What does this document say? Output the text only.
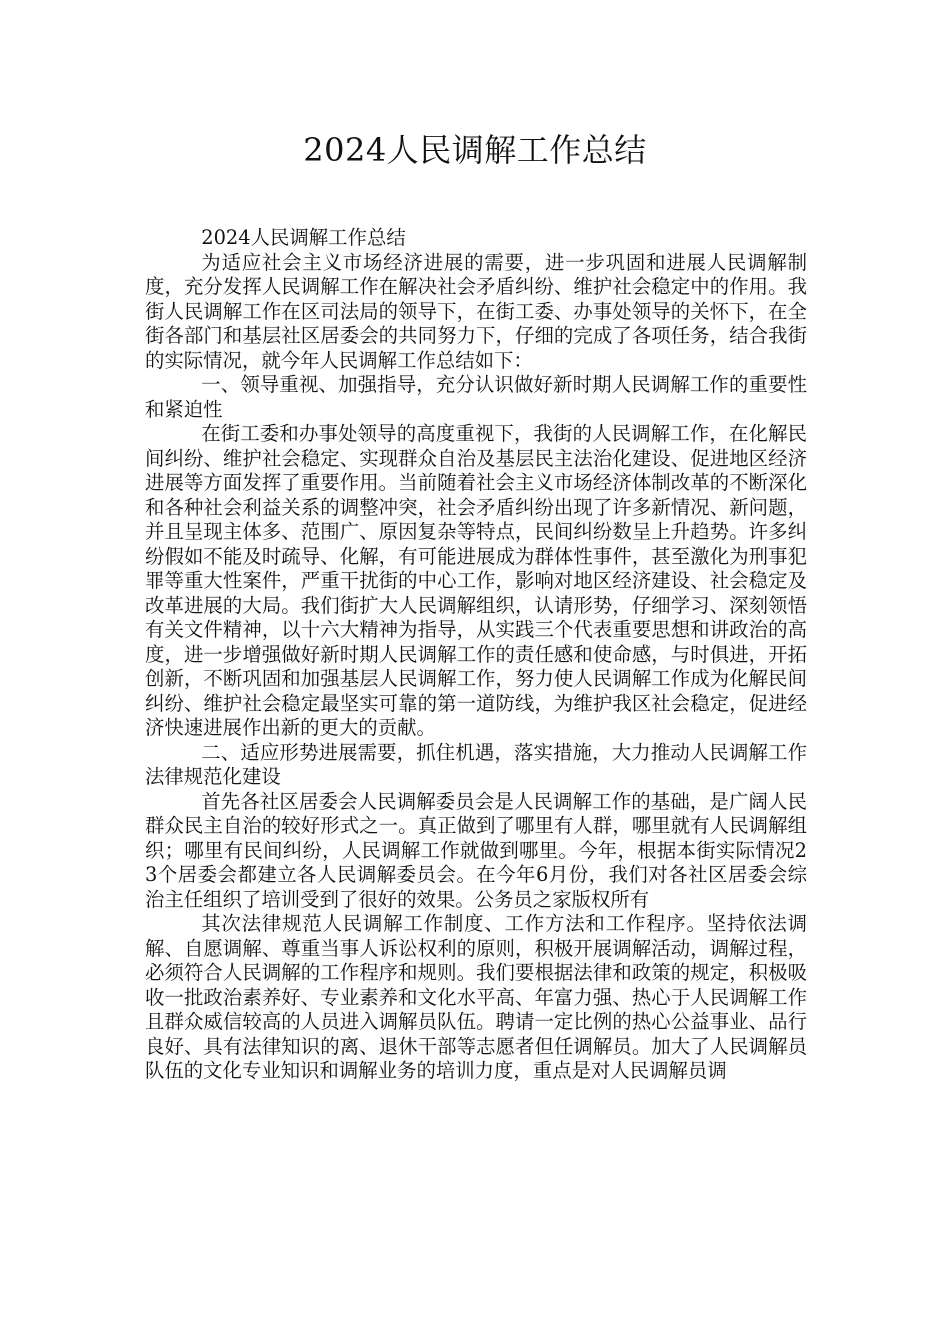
2024人民调解工作总结

2024人民调解工作总结

为适应社会主义市场经济进展的需要，进一步巩固和进展人民调解制度，充分发挥人民调解工作在解决社会矛盾纠纷、维护社会稳定中的作用。我街人民调解工作在区司法局的领导下，在街工委、办事处领导的关怀下，在全街各部门和基层社区居委会的共同努力下，仔细的完成了各项任务，结合我街的实际情况，就今年人民调解工作总结如下：

一、领导重视、加强指导，充分认识做好新时期人民调解工作的重要性和紧迫性

在街工委和办事处领导的高度重视下，我街的人民调解工作，在化解民间纠纷、维护社会稳定、实现群众自治及基层民主法治化建设、促进地区经济进展等方面发挥了重要作用。当前随着社会主义市场经济体制改革的不断深化和各种社会利益关系的调整冲突，社会矛盾纠纷出现了许多新情况、新问题，并且呈现主体多、范围广、原因复杂等特点，民间纠纷数呈上升趋势。许多纠纷假如不能及时疏导、化解，有可能进展成为群体性事件，甚至激化为刑事犯罪等重大性案件，严重干扰街的中心工作，影响对地区经济建设、社会稳定及改革进展的大局。我们街扩大人民调解组织，认请形势，仔细学习、深刻领悟有关文件精神，以十六大精神为指导，从实践三个代表重要思想和讲政治的高度，进一步增强做好新时期人民调解工作的责任感和使命感，与时俱进，开拓创新，不断巩固和加强基层人民调解工作，努力使人民调解工作成为化解民间纠纷、维护社会稳定最坚实可靠的第一道防线，为维护我区社会稳定，促进经济快速进展作出新的更大的贡献。

二、适应形势进展需要，抓住机遇，落实措施，大力推动人民调解工作法律规范化建设

首先各社区居委会人民调解委员会是人民调解工作的基础，是广阔人民群众民主自治的较好形式之一。真正做到了哪里有人群，哪里就有人民调解组织；哪里有民间纠纷，人民调解工作就做到哪里。今年，根据本街实际情况23个居委会都建立各人民调解委员会。在今年6月份，我们对各社区居委会综治主任组织了培训受到了很好的效果。公务员之家版权所有

其次法律规范人民调解工作制度、工作方法和工作程序。坚持依法调解、自愿调解、尊重当事人诉讼权利的原则，积极开展调解活动，调解过程，必须符合人民调解的工作程序和规则。我们要根据法律和政策的规定，积极吸收一批政治素养好、专业素养和文化水平高、年富力强、热心于人民调解工作且群众威信较高的人员进入调解员队伍。聘请一定比例的热心公益事业、品行良好、具有法律知识的离、退休干部等志愿者但任调解员。加大了人民调解员队伍的文化专业知识和调解业务的培训力度，重点是对人民调解员调
